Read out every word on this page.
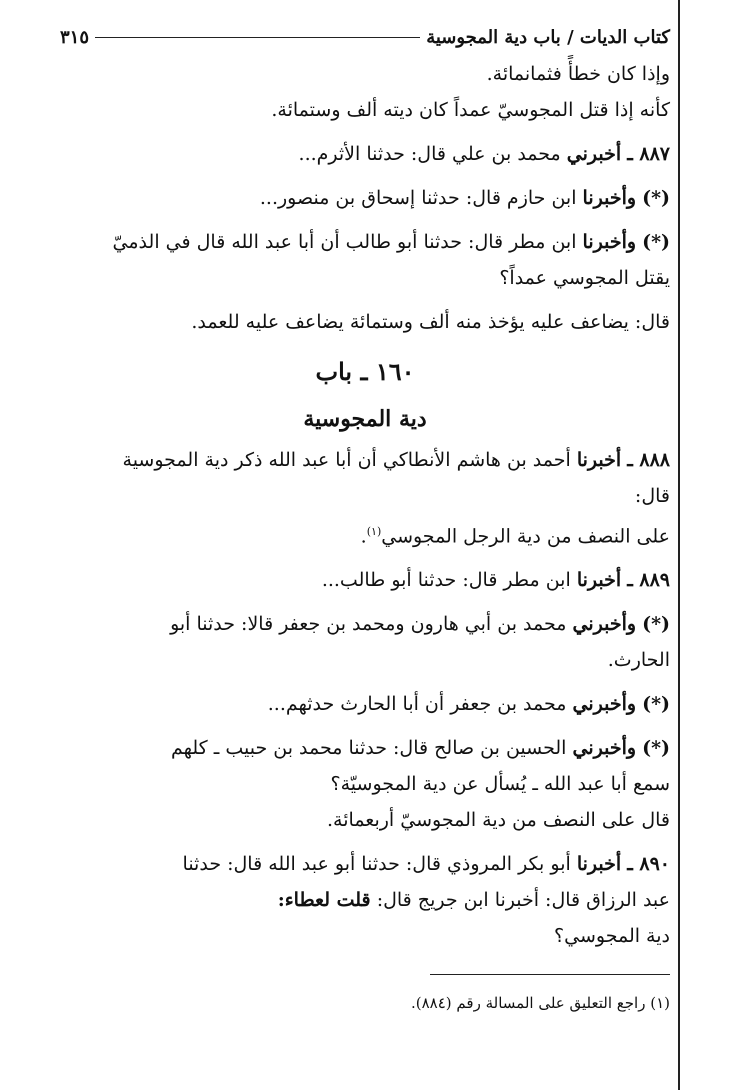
كتاب الديات / باب دية المجوسية
٣١٥

وإذا كان خطأً فثمانمائة.

كأنه إذا قتل المجوسيّ عمداً كان ديته ألف وستمائة.

٨٨٧ ـ أخبرني محمد بن علي قال: حدثنا الأثرم...

(*) وأخبرنا ابن حازم قال: حدثنا إسحاق بن منصور...

(*) وأخبرنا ابن مطر قال: حدثنا أبو طالب أن أبا عبد الله قال في الذميّ

يقتل المجوسي عمداً؟

قال: يضاعف عليه يؤخذ منه ألف وستمائة يضاعف عليه للعمد.

١٦٠ ـ باب
دية المجوسية

٨٨٨ ـ أخبرنا أحمد بن هاشم الأنطاكي أن أبا عبد الله ذكر دية المجوسية

قال:

على النصف من دية الرجل المجوسي$^{(١)}$.

٨٨٩ ـ أخبرنا ابن مطر قال: حدثنا أبو طالب...

(*) وأخبرني محمد بن أبي هارون ومحمد بن جعفر قالا: حدثنا أبو

الحارث.

(*) وأخبرني محمد بن جعفر أن أبا الحارث حدثهم...

(*) وأخبرني الحسين بن صالح قال: حدثنا محمد بن حبيب ـ كلهم

سمع أبا عبد الله ـ يُسأل عن دية المجوسيّة؟

قال على النصف من دية المجوسيّ أربعمائة.

٨٩٠ ـ أخبرنا أبو بكر المروذي قال: حدثنا أبو عبد الله قال: حدثنا

عبد الرزاق قال: أخبرنا ابن جريج قال: قلت لعطاء:

دية المجوسي؟

(١) راجع التعليق على المسالة رقم (٨٨٤).
